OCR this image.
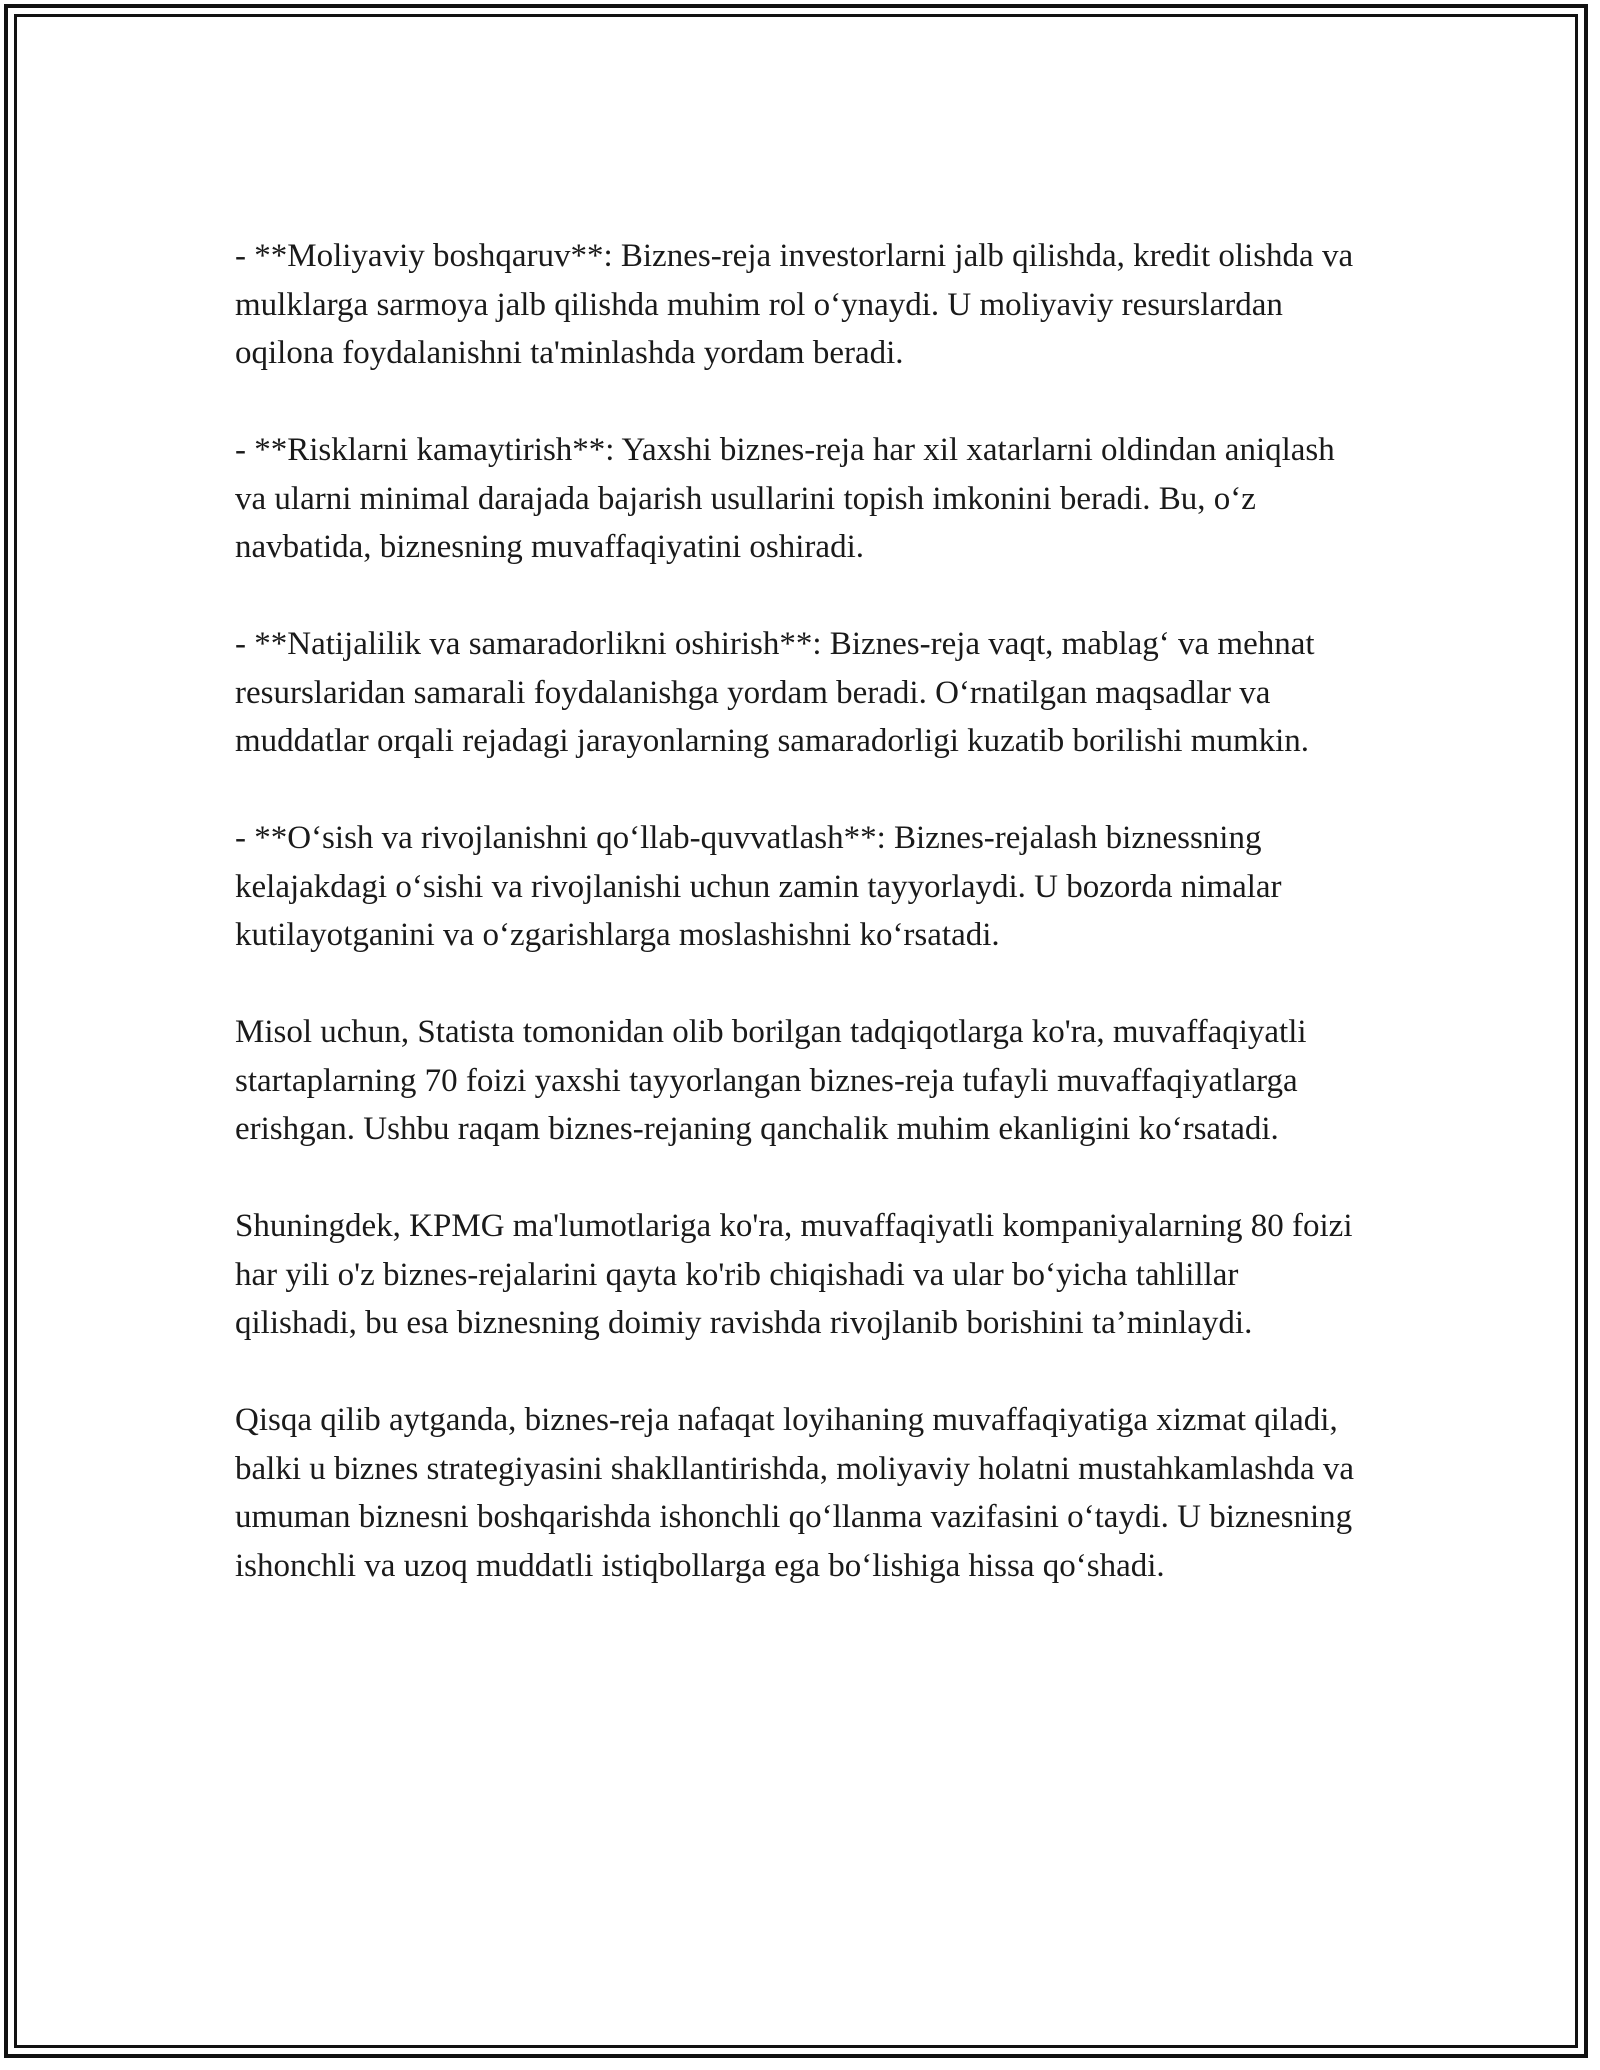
- **Moliyaviy boshqaruv**: Biznes-reja investorlarni jalb qilishda, kredit olishda va mulklarga sarmoya jalb qilishda muhim rol oʻynaydi. U moliyaviy resurslardan oqilona foydalanishni ta'minlashda yordam beradi.

- **Risklarni kamaytirish**: Yaxshi biznes-reja har xil xatarlarni oldindan aniqlash va ularni minimal darajada bajarish usullarini topish imkonini beradi. Bu, oʻz navbatida, biznesning muvaffaqiyatini oshiradi.

- **Natijalilik va samaradorlikni oshirish**: Biznes-reja vaqt, mablagʻ va mehnat resurslaridan samarali foydalanishga yordam beradi. Oʻrnatilgan maqsadlar va muddatlar orqali rejadagi jarayonlarning samaradorligi kuzatib borilishi mumkin.

- **Oʻsish va rivojlanishni qoʻllab-quvvatlash**: Biznes-rejalash biznessning kelajakdagi oʻsishi va rivojlanishi uchun zamin tayyorlaydi. U bozorda nimalar kutilayotganini va oʻzgarishlarga moslashishni koʻrsatadi.

Misol uchun, Statista tomonidan olib borilgan tadqiqotlarga ko'ra, muvaffaqiyatli startaplarning 70 foizi yaxshi tayyorlangan biznes-reja tufayli muvaffaqiyatlarga erishgan. Ushbu raqam biznes-rejaning qanchalik muhim ekanligini koʻrsatadi.

Shuningdek, KPMG ma'lumotlariga ko'ra, muvaffaqiyatli kompaniyalarning 80 foizi har yili o'z biznes-rejalarini qayta ko'rib chiqishadi va ular boʻyicha tahlillar qilishadi, bu esa biznesning doimiy ravishda rivojlanib borishini ta’minlaydi.

Qisqa qilib aytganda, biznes-reja nafaqat loyihaning muvaffaqiyatiga xizmat qiladi, balki u biznes strategiyasini shakllantirishda, moliyaviy holatni mustahkamlashda va umuman biznesni boshqarishda ishonchli qoʻllanma vazifasini oʻtaydi. U biznesning ishonchli va uzoq muddatli istiqbollarga ega boʻlishiga hissa qoʻshadi.
